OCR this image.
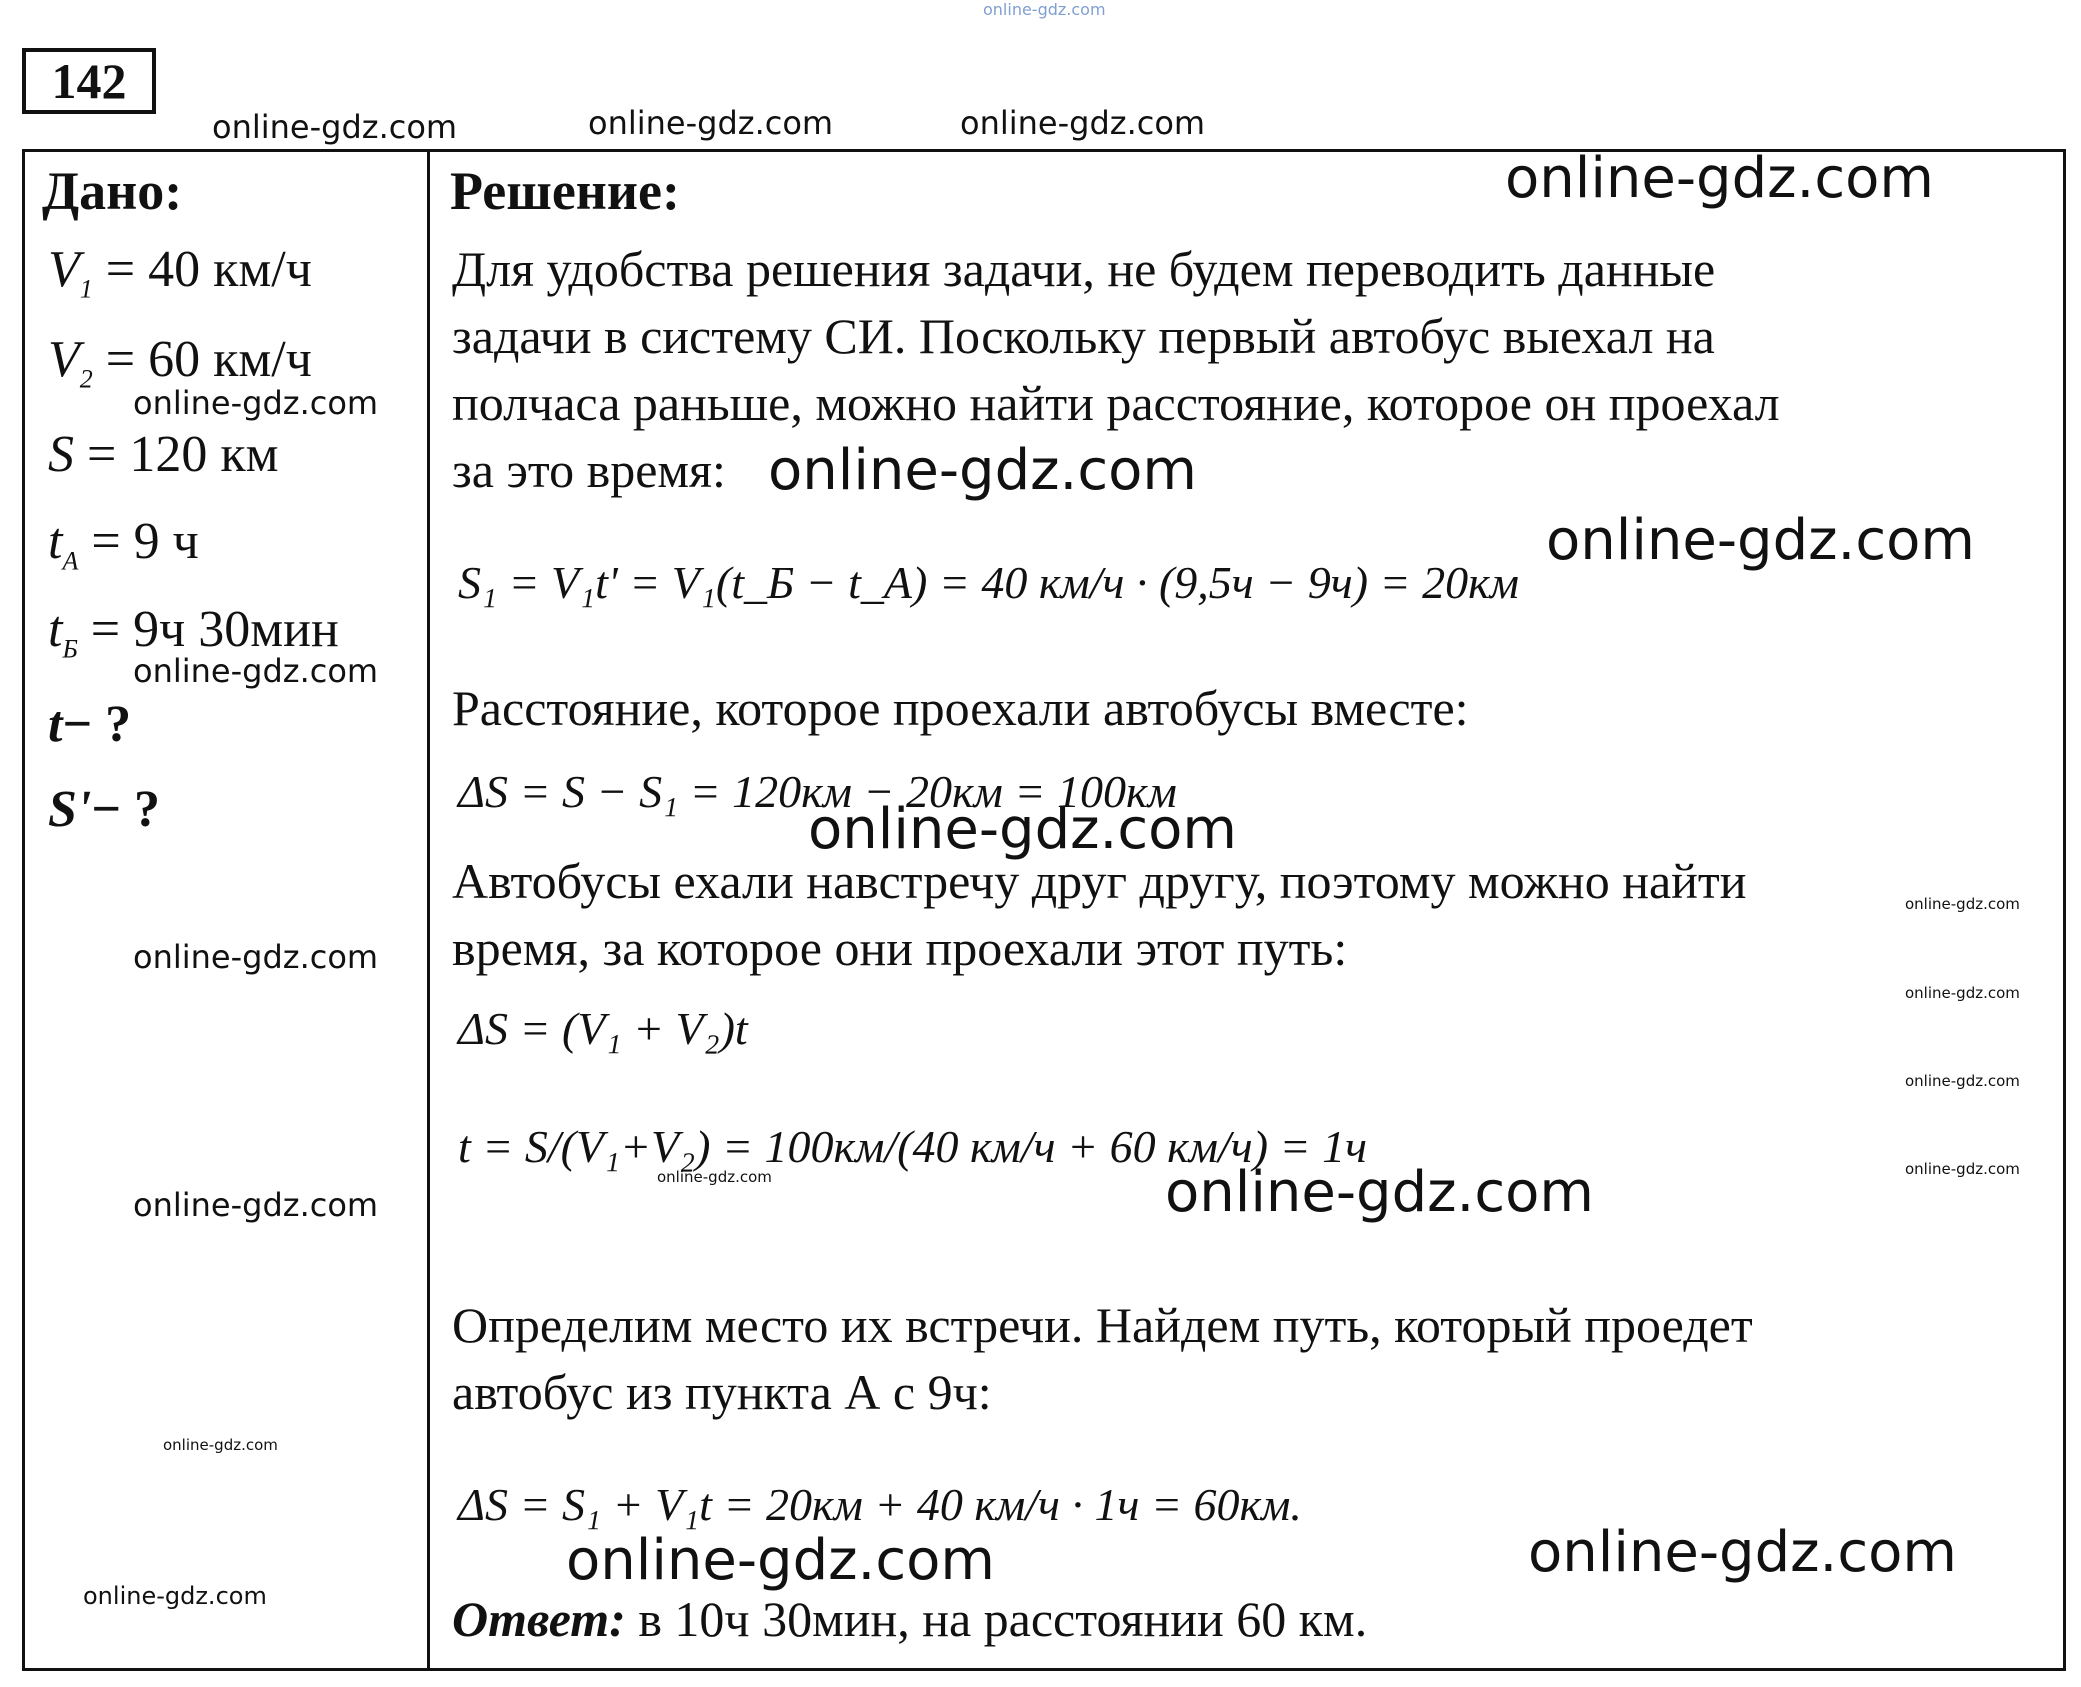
online-gdz.com
online-gdz.com	online-gdz.com	online-gdz.com
142
Дано:
$V_1 = 40$ км/ч
$V_2 = 60$ км/ч
S = 120 км
$t_А = 9$ ч
$t_Б = 9ч$ 30мин
t− ?
S'− ?
Решение:
Для удобства решения задачи, не будем переводить данные
задачи в систему СИ. Поскольку первый автобус выехал на
полчаса раньше, можно найти расстояние, которое он проехал
за это время:
S₁ = V₁t' = V₁(t_Б − t_А) = 40 км/ч · (9,5ч − 9ч) = 20км
Расстояние, которое проехали автобусы вместе:
ΔS = S − S₁ = 120км − 20км = 100км
Автобусы ехали навстречу друг другу, поэтому можно найти
время, за которое они проехали этот путь:
ΔS = (V₁ + V₂)t
t = S/(V₁+V₂) = 100км/(40 км/ч + 60 км/ч) = 1ч
Определим место их встречи. Найдем путь, который проедет
автобус из пункта А с 9ч:
ΔS = S₁ + V₁t = 20км + 40 км/ч · 1ч = 60км.
Ответ: в 10ч 30мин, на расстоянии 60 км.
online-gdz.com
online-gdz.com
online-gdz.com
online-gdz.com
online-gdz.com
online-gdz.com
online-gdz.com
online-gdz.com
online-gdz.com
online-gdz.com
online-gdz.com
online-gdz.com
online-gdz.com
online-gdz.com
online-gdz.com
online-gdz.com
online-gdz.com
online-gdz.com
